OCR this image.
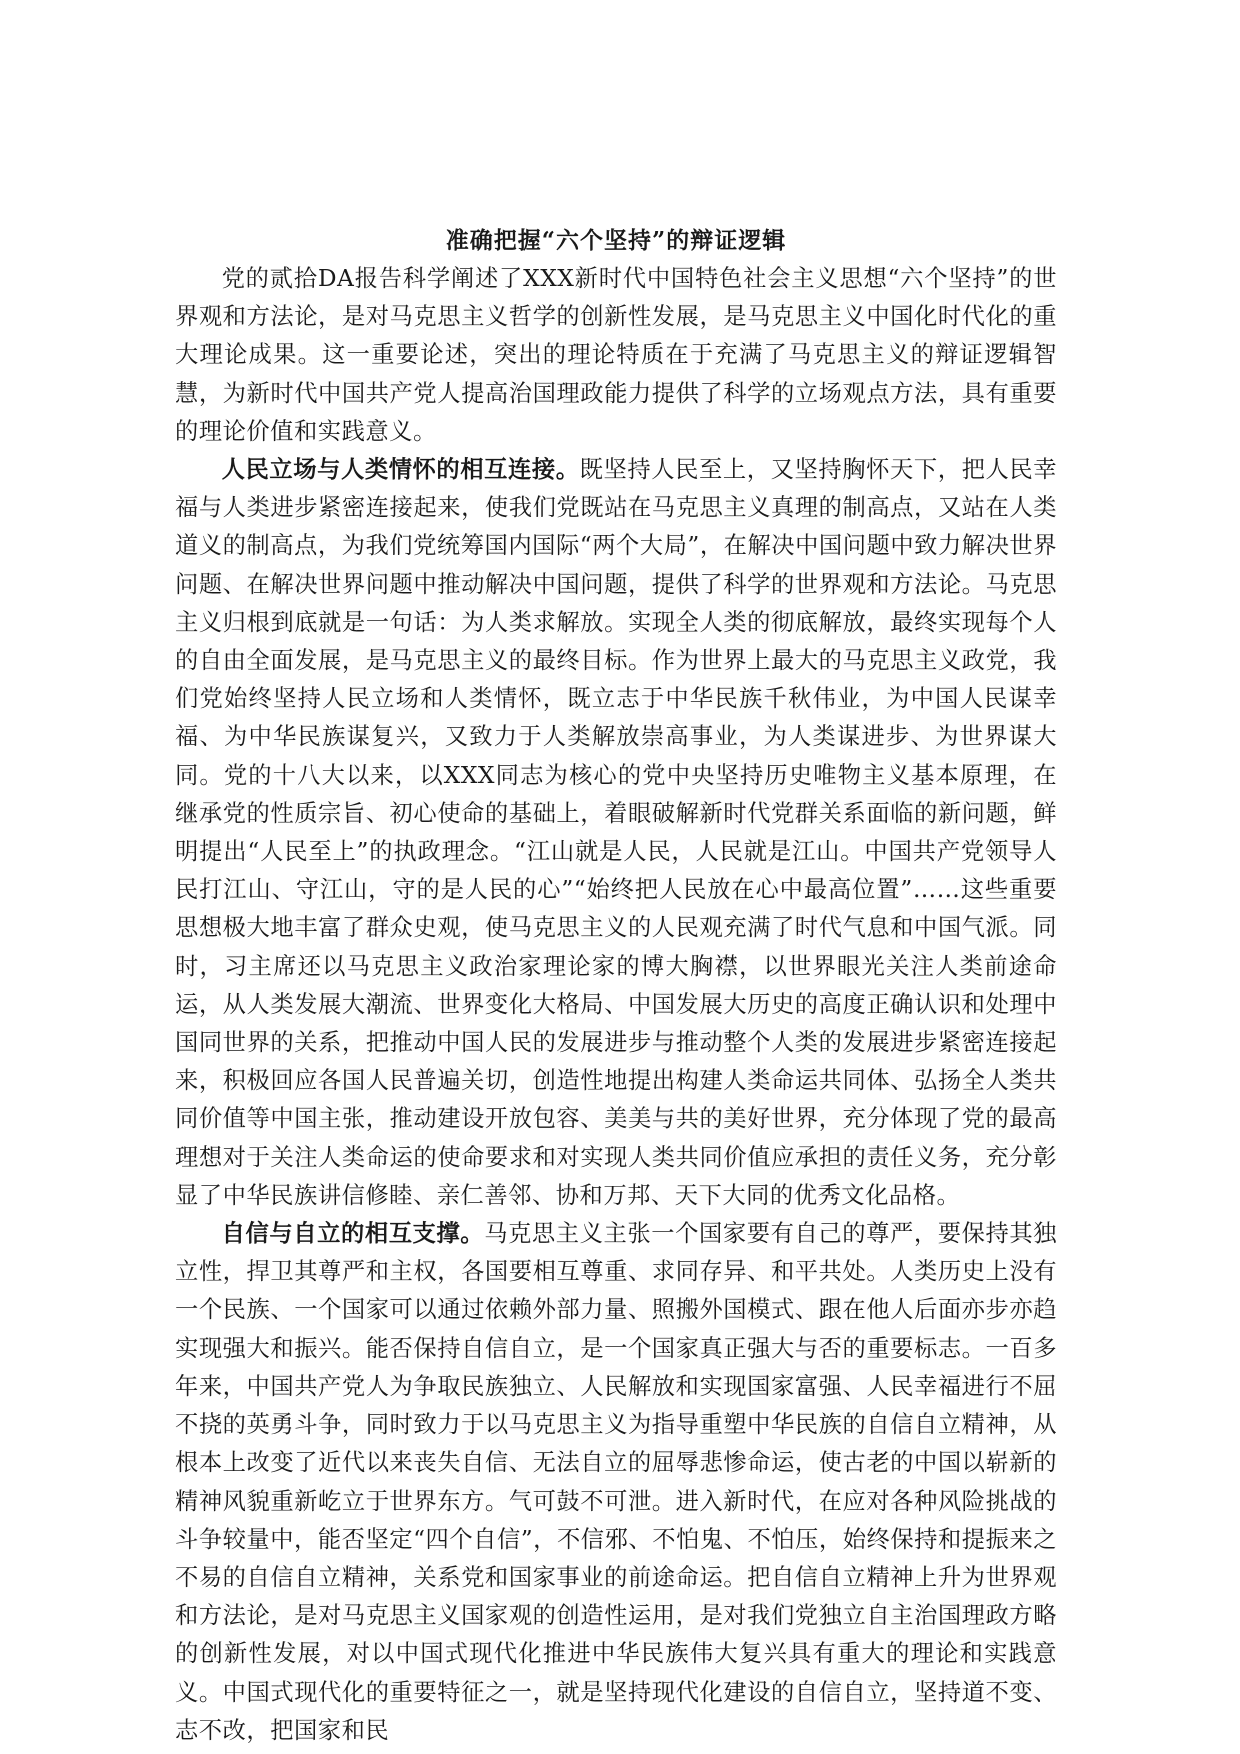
准确把握“六个坚持”的辩证逻辑

党的贰拾DA报告科学阐述了XXX新时代中国特色社会主义思想“六个坚持”的世界观和方法论，是对马克思主义哲学的创新性发展，是马克思主义中国化时代化的重大理论成果。这一重要论述，突出的理论特质在于充满了马克思主义的辩证逻辑智慧，为新时代中国共产党人提高治国理政能力提供了科学的立场观点方法，具有重要的理论价值和实践意义。

人民立场与人类情怀的相互连接。既坚持人民至上，又坚持胸怀天下，把人民幸福与人类进步紧密连接起来，使我们党既站在马克思主义真理的制高点，又站在人类道义的制高点，为我们党统筹国内国际“两个大局”，在解决中国问题中致力解决世界问题、在解决世界问题中推动解决中国问题，提供了科学的世界观和方法论。马克思主义归根到底就是一句话：为人类求解放。实现全人类的彻底解放，最终实现每个人的自由全面发展，是马克思主义的最终目标。作为世界上最大的马克思主义政党，我们党始终坚持人民立场和人类情怀，既立志于中华民族千秋伟业，为中国人民谋幸福、为中华民族谋复兴，又致力于人类解放崇高事业，为人类谋进步、为世界谋大同。党的十八大以来，以XXX同志为核心的党中央坚持历史唯物主义基本原理，在继承党的性质宗旨、初心使命的基础上，着眼破解新时代党群关系面临的新问题，鲜明提出“人民至上”的执政理念。“江山就是人民，人民就是江山。中国共产党领导人民打江山、守江山，守的是人民的心”“始终把人民放在心中最高位置”……这些重要思想极大地丰富了群众史观，使马克思主义的人民观充满了时代气息和中国气派。同时，习主席还以马克思主义政治家理论家的博大胸襟，以世界眼光关注人类前途命运，从人类发展大潮流、世界变化大格局、中国发展大历史的高度正确认识和处理中国同世界的关系，把推动中国人民的发展进步与推动整个人类的发展进步紧密连接起来，积极回应各国人民普遍关切，创造性地提出构建人类命运共同体、弘扬全人类共同价值等中国主张，推动建设开放包容、美美与共的美好世界，充分体现了党的最高理想对于关注人类命运的使命要求和对实现人类共同价值应承担的责任义务，充分彰显了中华民族讲信修睦、亲仁善邻、协和万邦、天下大同的优秀文化品格。

自信与自立的相互支撑。马克思主义主张一个国家要有自己的尊严，要保持其独立性，捍卫其尊严和主权，各国要相互尊重、求同存异、和平共处。人类历史上没有一个民族、一个国家可以通过依赖外部力量、照搬外国模式、跟在他人后面亦步亦趋实现强大和振兴。能否保持自信自立，是一个国家真正强大与否的重要标志。一百多年来，中国共产党人为争取民族独立、人民解放和实现国家富强、人民幸福进行不屈不挠的英勇斗争，同时致力于以马克思主义为指导重塑中华民族的自信自立精神，从根本上改变了近代以来丧失自信、无法自立的屈辱悲惨命运，使古老的中国以崭新的精神风貌重新屹立于世界东方。气可鼓不可泄。进入新时代，在应对各种风险挑战的斗争较量中，能否坚定“四个自信”，不信邪、不怕鬼、不怕压，始终保持和提振来之不易的自信自立精神，关系党和国家事业的前途命运。把自信自立精神上升为世界观和方法论，是对马克思主义国家观的创造性运用，是对我们党独立自主治国理政方略的创新性发展，对以中国式现代化推进中华民族伟大复兴具有重大的理论和实践意义。中国式现代化的重要特征之一，就是坚持现代化建设的自信自立，坚持道不变、志不改，把国家和民
